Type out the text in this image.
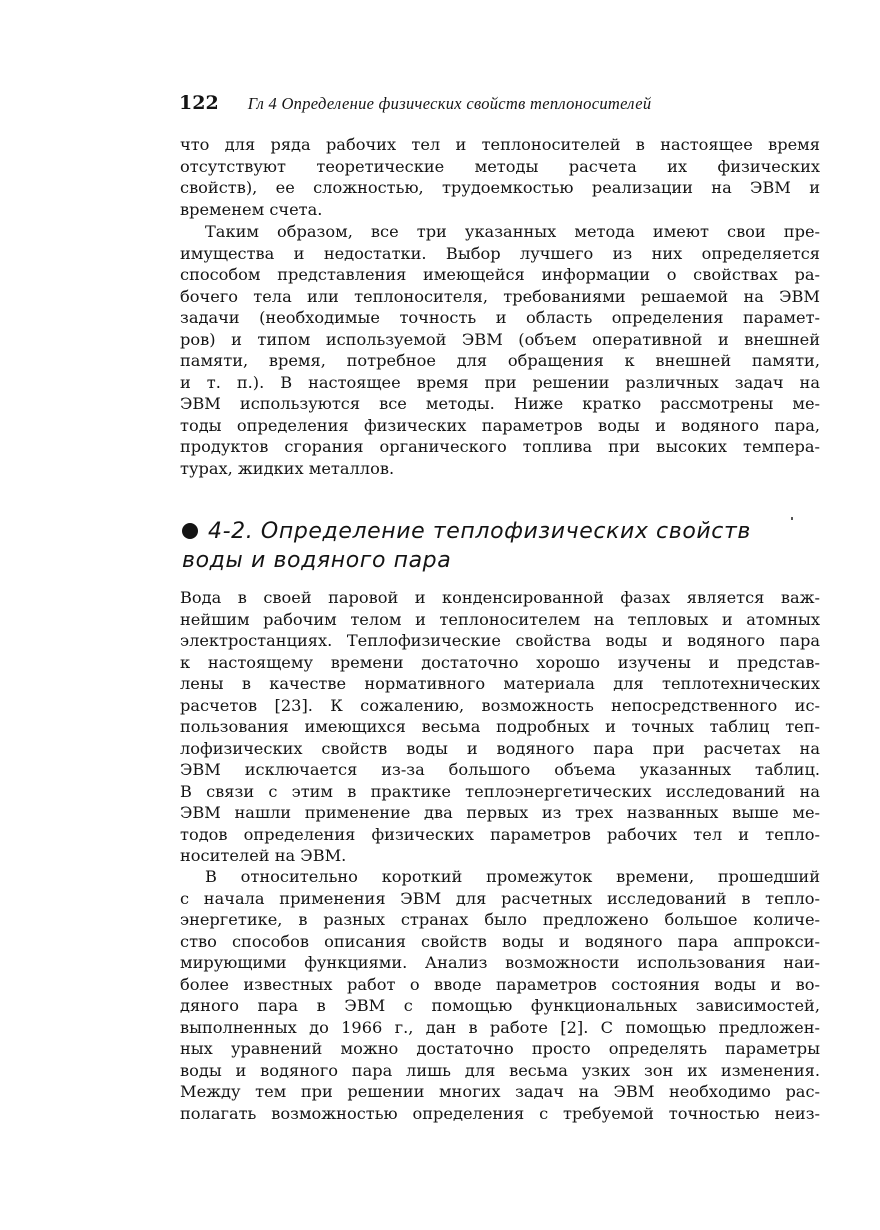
122 Гл 4 Определение физических свойств теплоносителей
что для ряда рабочих тел и теплоносителей в настоящее время
отсутствуют теоретические методы расчета их физических
свойств), ее сложностью, трудоемкостью реализации на ЭВМ и
временем счета.
Таким образом, все три указанных метода имеют свои пре-
имущества и недостатки. Выбор лучшего из них определяется
способом представления имеющейся информации о свойствах ра-
бочего тела или теплоносителя, требованиями решаемой на ЭВМ
задачи (необходимые точность и область определения парамет-
ров) и типом используемой ЭВМ (объем оперативной и внешней
памяти, время, потребное для обращения к внешней памяти,
и т. п.). В настоящее время при решении различных задач на
ЭВМ используются все методы. Ниже кратко рассмотрены ме-
тоды определения физических параметров воды и водяного пара,
продуктов сгорания органического топлива при высоких темпера-
турах, жидких металлов.
4-2. Определение теплофизических свойств
воды и водяного пара
Вода в своей паровой и конденсированной фазах является важ-
нейшим рабочим телом и теплоносителем на тепловых и атомных
электростанциях. Теплофизические свойства воды и водяного пара
к настоящему времени достаточно хорошо изучены и представ-
лены в качестве нормативного материала для теплотехнических
расчетов [23]. К сожалению, возможность непосредственного ис-
пользования имеющихся весьма подробных и точных таблиц теп-
лофизических свойств воды и водяного пара при расчетах на
ЭВМ исключается из-за большого объема указанных таблиц.
В связи с этим в практике теплоэнергетических исследований на
ЭВМ нашли применение два первых из трех названных выше ме-
тодов определения физических параметров рабочих тел и тепло-
носителей на ЭВМ.
В относительно короткий промежуток времени, прошедший
с начала применения ЭВМ для расчетных исследований в тепло-
энергетике, в разных странах было предложено большое количе-
ство способов описания свойств воды и водяного пара аппрокси-
мирующими функциями. Анализ возможности использования наи-
более известных работ о вводе параметров состояния воды и во-
дяного пара в ЭВМ с помощью функциональных зависимостей,
выполненных до 1966 г., дан в работе [2]. С помощью предложен-
ных уравнений можно достаточно просто определять параметры
воды и водяного пара лишь для весьма узких зон их изменения.
Между тем при решении многих задач на ЭВМ необходимо рас-
полагать возможностью определения с требуемой точностью неиз-
